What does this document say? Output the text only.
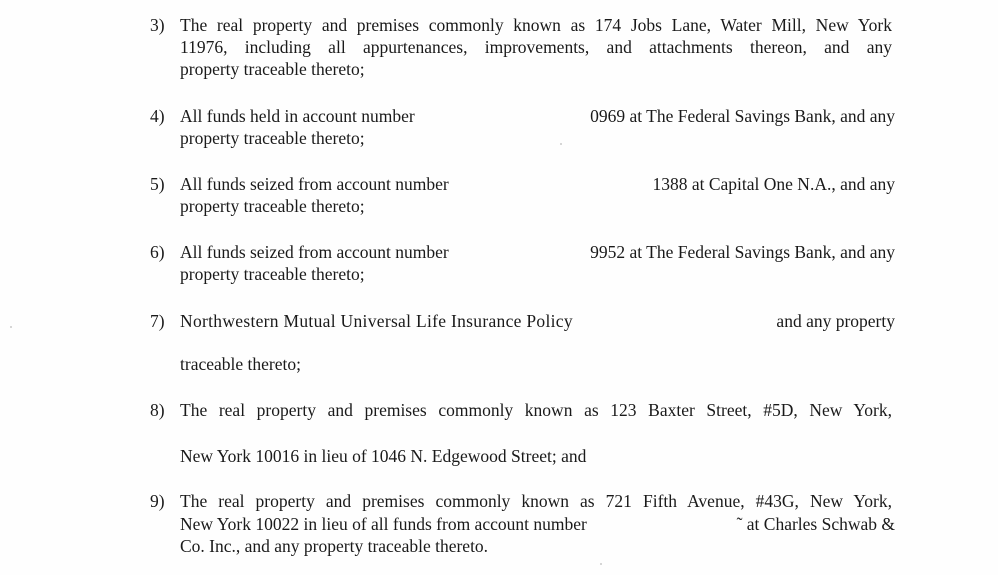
3) The real property and premises commonly known as 174 Jobs Lane, Water Mill, New York
11976, including all appurtenances, improvements, and attachments thereon, and any
property traceable thereto;
4) All funds held in account number	0969 at The Federal Savings Bank, and any
property traceable thereto;
5) All funds seized from account number	1388 at Capital One N.A., and any
property traceable thereto;
6) All funds seized from account number	9952 at The Federal Savings Bank, and any
property traceable thereto;
7) Northwestern Mutual Universal Life Insurance Policy	and any property
traceable thereto;
8) The real property and premises commonly known as 123 Baxter Street, #5D, New York,
New York 10016 in lieu of 1046 N. Edgewood Street; and
9) The real property and premises commonly known as 721 Fifth Avenue, #43G, New York,
New York 10022 in lieu of all funds from account number	˜ at Charles Schwab &
Co. Inc., and any property traceable thereto.
